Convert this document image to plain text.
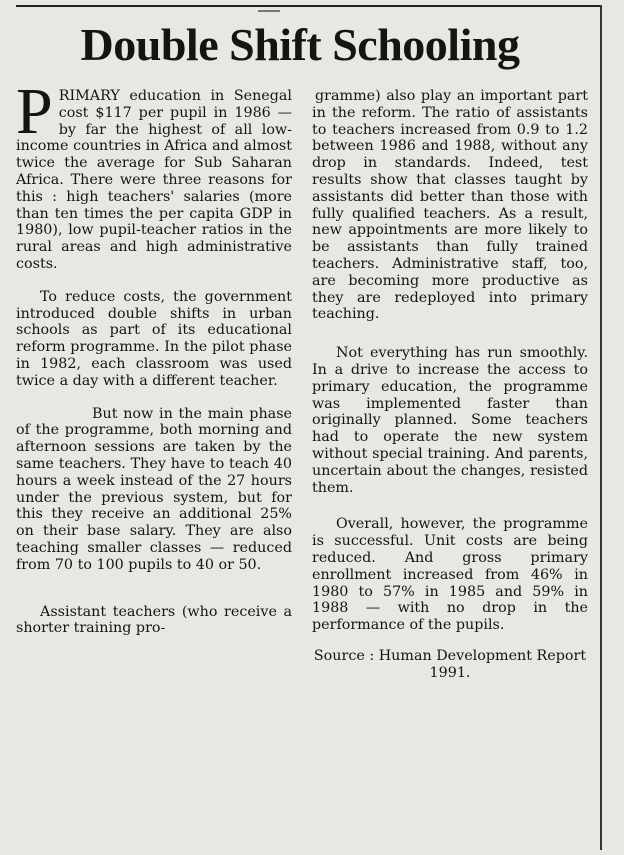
Double Shift Schooling

PRIMARY education in Senegal cost $117 per pupil in 1986 — by far the highest of all low-income countries in Africa and almost twice the average for Sub Saharan Africa. There were three reasons for this : high teachers' salaries (more than ten times the per capita GDP in 1980), low pupil-teacher ratios in the rural areas and high administrative costs.

To reduce costs, the government introduced double shifts in urban schools as part of its educational reform programme. In the pilot phase in 1982, each classroom was used twice a day with a different teacher.

But now in the main phase of the programme, both morning and afternoon sessions are taken by the same teachers. They have to teach 40 hours a week instead of the 27 hours under the previous system, but for this they receive an additional 25% on their base salary. They are also teaching smaller classes — reduced from 70 to 100 pupils to 40 or 50.

Assistant teachers (who receive a shorter training pro-

gramme) also play an important part in the reform. The ratio of assistants to teachers increased from 0.9 to 1.2 between 1986 and 1988, without any drop in standards. Indeed, test results show that classes taught by assistants did better than those with fully qualified teachers. As a result, new appointments are more likely to be assistants than fully trained teachers. Administrative staff, too, are becoming more productive as they are redeployed into primary teaching.

Not everything has run smoothly. In a drive to increase the access to primary education, the programme was implemented faster than originally planned. Some teachers had to operate the new system without special training. And parents, uncertain about the changes, resisted them.

Overall, however, the programme is successful. Unit costs are being reduced. And gross primary enrollment increased from 46% in 1980 to 57% in 1985 and 59% in 1988 — with no drop in the performance of the pupils.

Source : Human Development Report 1991.
